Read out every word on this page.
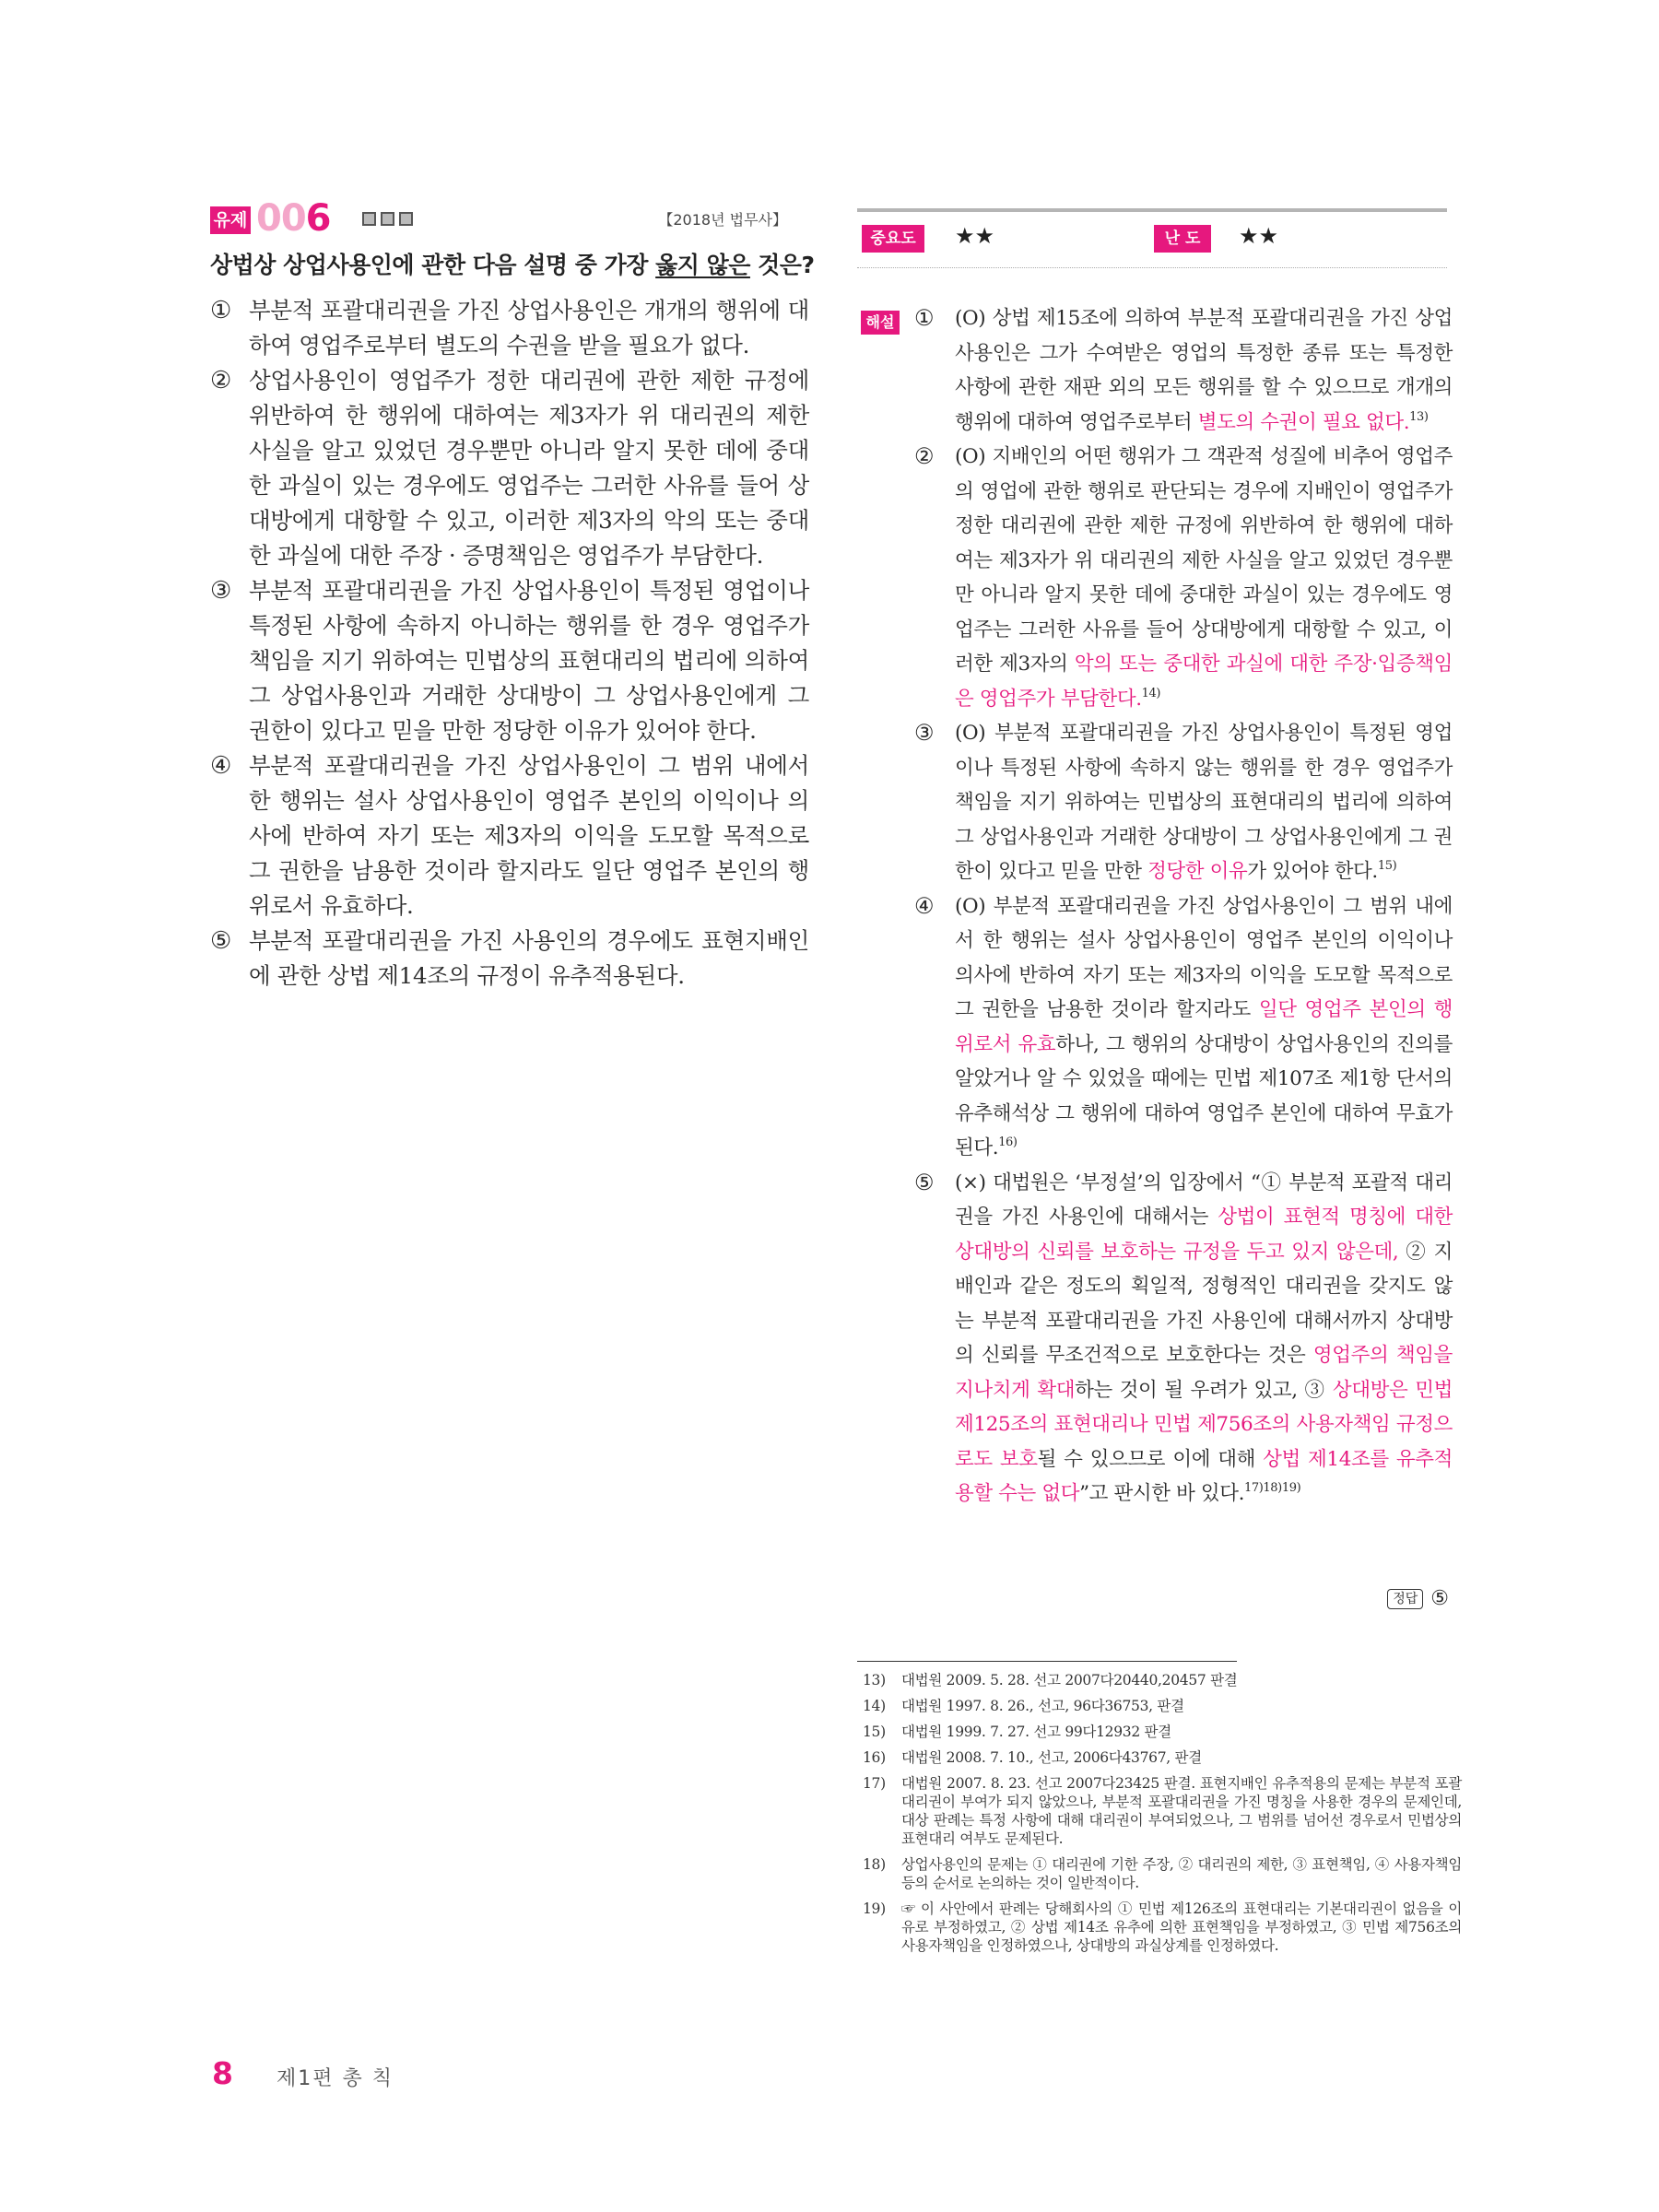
유제 006	【2018년 법무사】
상법상 상업사용인에 관한 다음 설명 중 가장 옳지 않은 것은?

① 부분적 포괄대리권을 가진 상업사용인은 개개의 행위에 대하여 영업주로부터 별도의 수권을 받을 필요가 없다.

② 상업사용인이 영업주가 정한 대리권에 관한 제한 규정에 위반하여 한 행위에 대하여는 제3자가 위 대리권의 제한 사실을 알고 있었던 경우뿐만 아니라 알지 못한 데에 중대한 과실이 있는 경우에도 영업주는 그러한 사유를 들어 상대방에게 대항할 수 있고, 이러한 제3자의 악의 또는 중대한 과실에 대한 주장 · 증명책임은 영업주가 부담한다.

③ 부분적 포괄대리권을 가진 상업사용인이 특정된 영업이나 특정된 사항에 속하지 아니하는 행위를 한 경우 영업주가 책임을 지기 위하여는 민법상의 표현대리의 법리에 의하여 그 상업사용인과 거래한 상대방이 그 상업사용인에게 그 권한이 있다고 믿을 만한 정당한 이유가 있어야 한다.

④ 부분적 포괄대리권을 가진 상업사용인이 그 범위 내에서 한 행위는 설사 상업사용인이 영업주 본인의 이익이나 의사에 반하여 자기 또는 제3자의 이익을 도모할 목적으로 그 권한을 남용한 것이라 할지라도 일단 영업주 본인의 행위로서 유효하다.

⑤ 부분적 포괄대리권을 가진 사용인의 경우에도 표현지배인에 관한 상법 제14조의 규정이 유추적용된다.

중요도	★★	난 도	★★
해설 ① (O) 상법 제15조에 의하여 부분적 포괄대리권을 가진 상업사용인은 그가 수여받은 영업의 특정한 종류 또는 특정한 사항에 관한 재판 외의 모든 행위를 할 수 있으므로 개개의 행위에 대하여 영업주로부터 별도의 수권이 필요 없다.$^{13)}$

② (O) 지배인의 어떤 행위가 그 객관적 성질에 비추어 영업주의 영업에 관한 행위로 판단되는 경우에 지배인이 영업주가 정한 대리권에 관한 제한 규정에 위반하여 한 행위에 대하여는 제3자가 위 대리권의 제한 사실을 알고 있었던 경우뿐만 아니라 알지 못한 데에 중대한 과실이 있는 경우에도 영업주는 그러한 사유를 들어 상대방에게 대항할 수 있고, 이러한 제3자의 악의 또는 중대한 과실에 대한 주장·입증책임은 영업주가 부담한다.$^{14)}$

③ (O) 부분적 포괄대리권을 가진 상업사용인이 특정된 영업이나 특정된 사항에 속하지 않는 행위를 한 경우 영업주가 책임을 지기 위하여는 민법상의 표현대리의 법리에 의하여 그 상업사용인과 거래한 상대방이 그 상업사용인에게 그 권한이 있다고 믿을 만한 정당한 이유가 있어야 한다.$^{15)}$

④ (O) 부분적 포괄대리권을 가진 상업사용인이 그 범위 내에서 한 행위는 설사 상업사용인이 영업주 본인의 이익이나 의사에 반하여 자기 또는 제3자의 이익을 도모할 목적으로 그 권한을 남용한 것이라 할지라도 일단 영업주 본인의 행위로서 유효하나, 그 행위의 상대방이 상업사용인의 진의를 알았거나 알 수 있었을 때에는 민법 제107조 제1항 단서의 유추해석상 그 행위에 대하여 영업주 본인에 대하여 무효가 된다.$^{16)}$

⑤ (×) 대법원은 ‘부정설’의 입장에서 “① 부분적 포괄적 대리권을 가진 사용인에 대해서는 상법이 표현적 명칭에 대한 상대방의 신뢰를 보호하는 규정을 두고 있지 않은데, ② 지배인과 같은 정도의 획일적, 정형적인 대리권을 갖지도 않는 부분적 포괄대리권을 가진 사용인에 대해서까지 상대방의 신뢰를 무조건적으로 보호한다는 것은 영업주의 책임을 지나치게 확대하는 것이 될 우려가 있고, ③ 상대방은 민법 제125조의 표현대리나 민법 제756조의 사용자책임 규정으로도 보호될 수 있으므로 이에 대해 상법 제14조를 유추적용할 수는 없다”고 판시한 바 있다.$^{17)18)19)}$

정답 ⑤
13)	대법원 2009. 5. 28. 선고 2007다20440,20457 판결
14)	대법원 1997. 8. 26., 선고, 96다36753, 판결
15)	대법원 1999. 7. 27. 선고 99다12932 판결
16)	대법원 2008. 7. 10., 선고, 2006다43767, 판결
17)	대법원 2007. 8. 23. 선고 2007다23425 판결. 표현지배인 유추적용의 문제는 부분적 포괄대리권이 부여가 되지 않았으나, 부분적 포괄대리권을 가진 명칭을 사용한 경우의 문제인데, 대상 판례는 특정 사항에 대해 대리권이 부여되었으나, 그 범위를 넘어선 경우로서 민법상의 표현대리 여부도 문제된다.
18)	상업사용인의 문제는 ① 대리권에 기한 주장, ② 대리권의 제한, ③ 표현책임, ④ 사용자책임 등의 순서로 논의하는 것이 일반적이다.
19)	☞ 이 사안에서 판례는 당해회사의 ① 민법 제126조의 표현대리는 기본대리권이 없음을 이유로 부정하였고, ② 상법 제14조 유추에 의한 표현책임을 부정하였고, ③ 민법 제756조의 사용자책임을 인정하였으나, 상대방의 과실상계를 인정하였다.
8 제1편 총 칙
